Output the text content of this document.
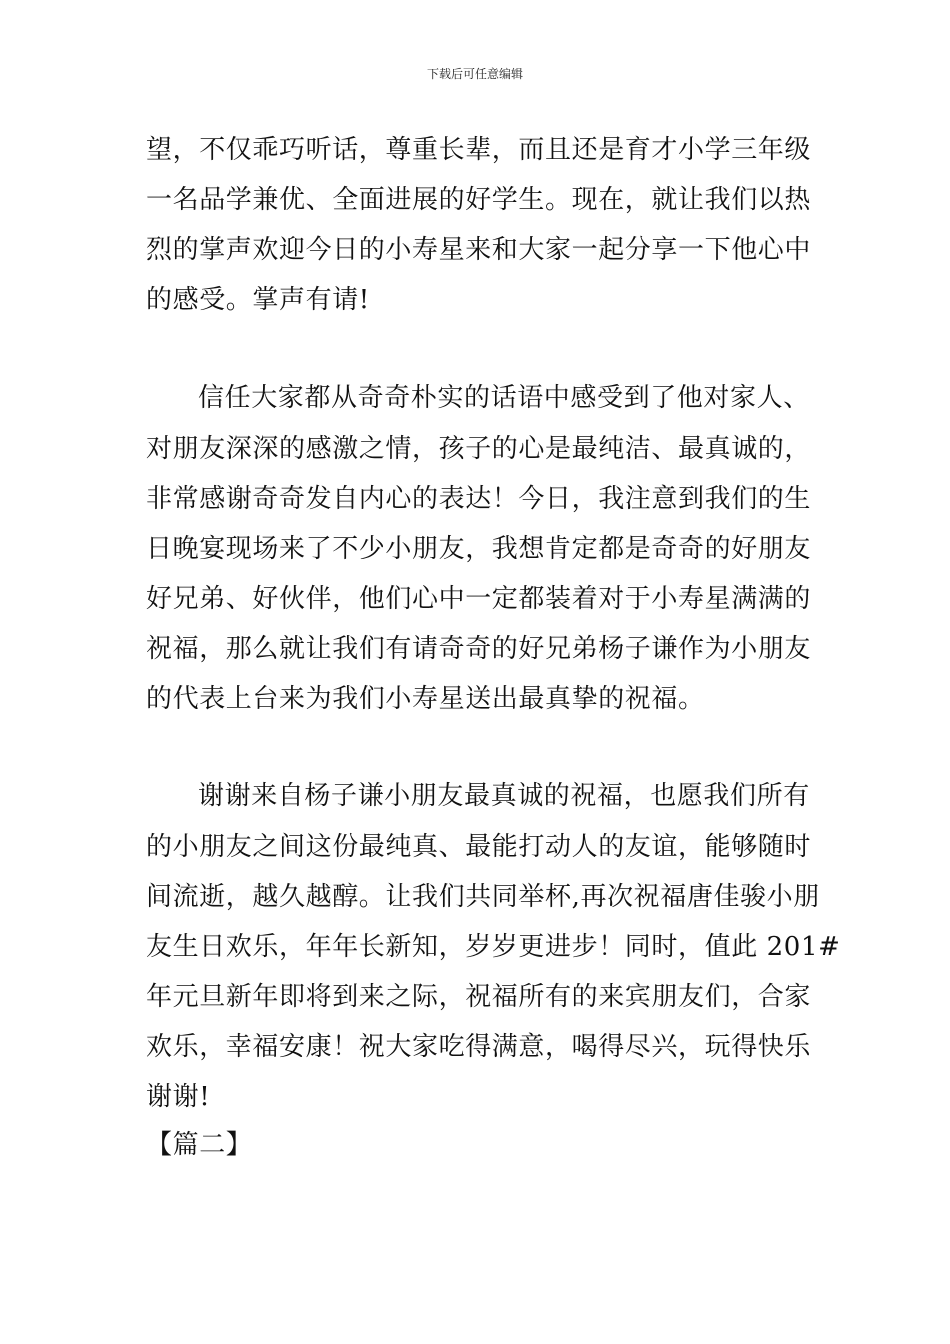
下载后可任意编辑
望，不仅乖巧听话，尊重长辈，而且还是育才小学三年级
一名品学兼优、全面进展的好学生。现在，就让我们以热
烈的掌声欢迎今日的小寿星来和大家一起分享一下他心中
的感受。掌声有请!
信任大家都从奇奇朴实的话语中感受到了他对家人、
对朋友深深的感激之情，孩子的心是最纯洁、最真诚的，
非常感谢奇奇发自内心的表达！今日，我注意到我们的生
日晚宴现场来了不少小朋友，我想肯定都是奇奇的好朋友
好兄弟、好伙伴，他们心中一定都装着对于小寿星满满的
祝福，那么就让我们有请奇奇的好兄弟杨子谦作为小朋友
的代表上台来为我们小寿星送出最真挚的祝福。
谢谢来自杨子谦小朋友最真诚的祝福，也愿我们所有
的小朋友之间这份最纯真、最能打动人的友谊，能够随时
间流逝，越久越醇。让我们共同举杯,再次祝福唐佳骏小朋
友生日欢乐，年年长新知，岁岁更进步！同时，值此 201#
年元旦新年即将到来之际，祝福所有的来宾朋友们，合家
欢乐，幸福安康！祝大家吃得满意，喝得尽兴，玩得快乐
谢谢!
【篇二】
